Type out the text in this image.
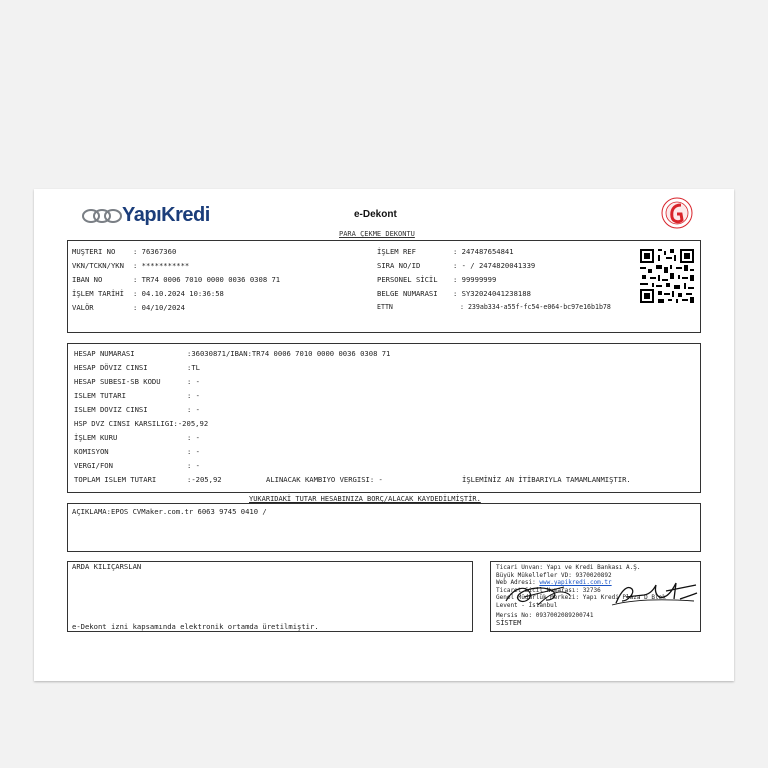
YapıKredi	e-Dekont
PARA ÇEKME DEKONTU
MUŞTERI NO : 76367360
VKN/TCKN/YKN : ***********
IBAN NO	: TR74 0006 7010 0000 0036 0308 71
İŞLEM TARİHİ : 04.10.2024 10:36:58
VALÖR	: 04/10/2024
İŞLEM REF	: 247487654841
SIRA NO/ID	: - / 2474820041339
PERSONEL SİCİL : 99999999
BELGE NUMARASI : SY32024041238188
ETTN	: 239ab334-a55f-fc54-e064-bc97e16b1b78
HESAP NUMARASI	:36030871/IBAN:TR74 0006 7010 0000 0036 0308 71
HESAP DÖVIZ CINSI	:TL
HESAP SUBESI-SB KODU	: -
ISLEM TUTARI	: -
ISLEM DOVIZ CINSI	: -
HSP DVZ CINSI KARSILIGI:-205,92
İŞLEM KURU	: -
KOMISYON	: -
VERGI/FON	: -
TOPLAM ISLEM TUTARI	:-205,92	ALINACAK KAMBIYO VERGISI: -	İŞLEMİNİZ AN İTİBARIYLA TAMAMLANMIŞTIR.
YUKARIDAKİ TUTAR HESABINIZA BORÇ/ALACAK KAYDEDİLMİŞTİR.
AÇIKLAMA:EPOS CVMaker.com.tr 6063 9745 0410 /
ARDA KILIÇARSLAN
e-Dekont izni kapsamında elektronik ortamda üretilmiştir.
Ticari Unvan: Yapı ve Kredi Bankası A.Ş.
Büyük Mükellefler VD: 9370020892
Web Adresi: www.yapikredi.com.tr
Ticaret Sicil Numarası: 32736
Genel Müdürlük Merkezi: Yapı Kredi Plaza D Blok
Levent - İstanbul
Mersis No: 0937002089200741
SİSTEM
